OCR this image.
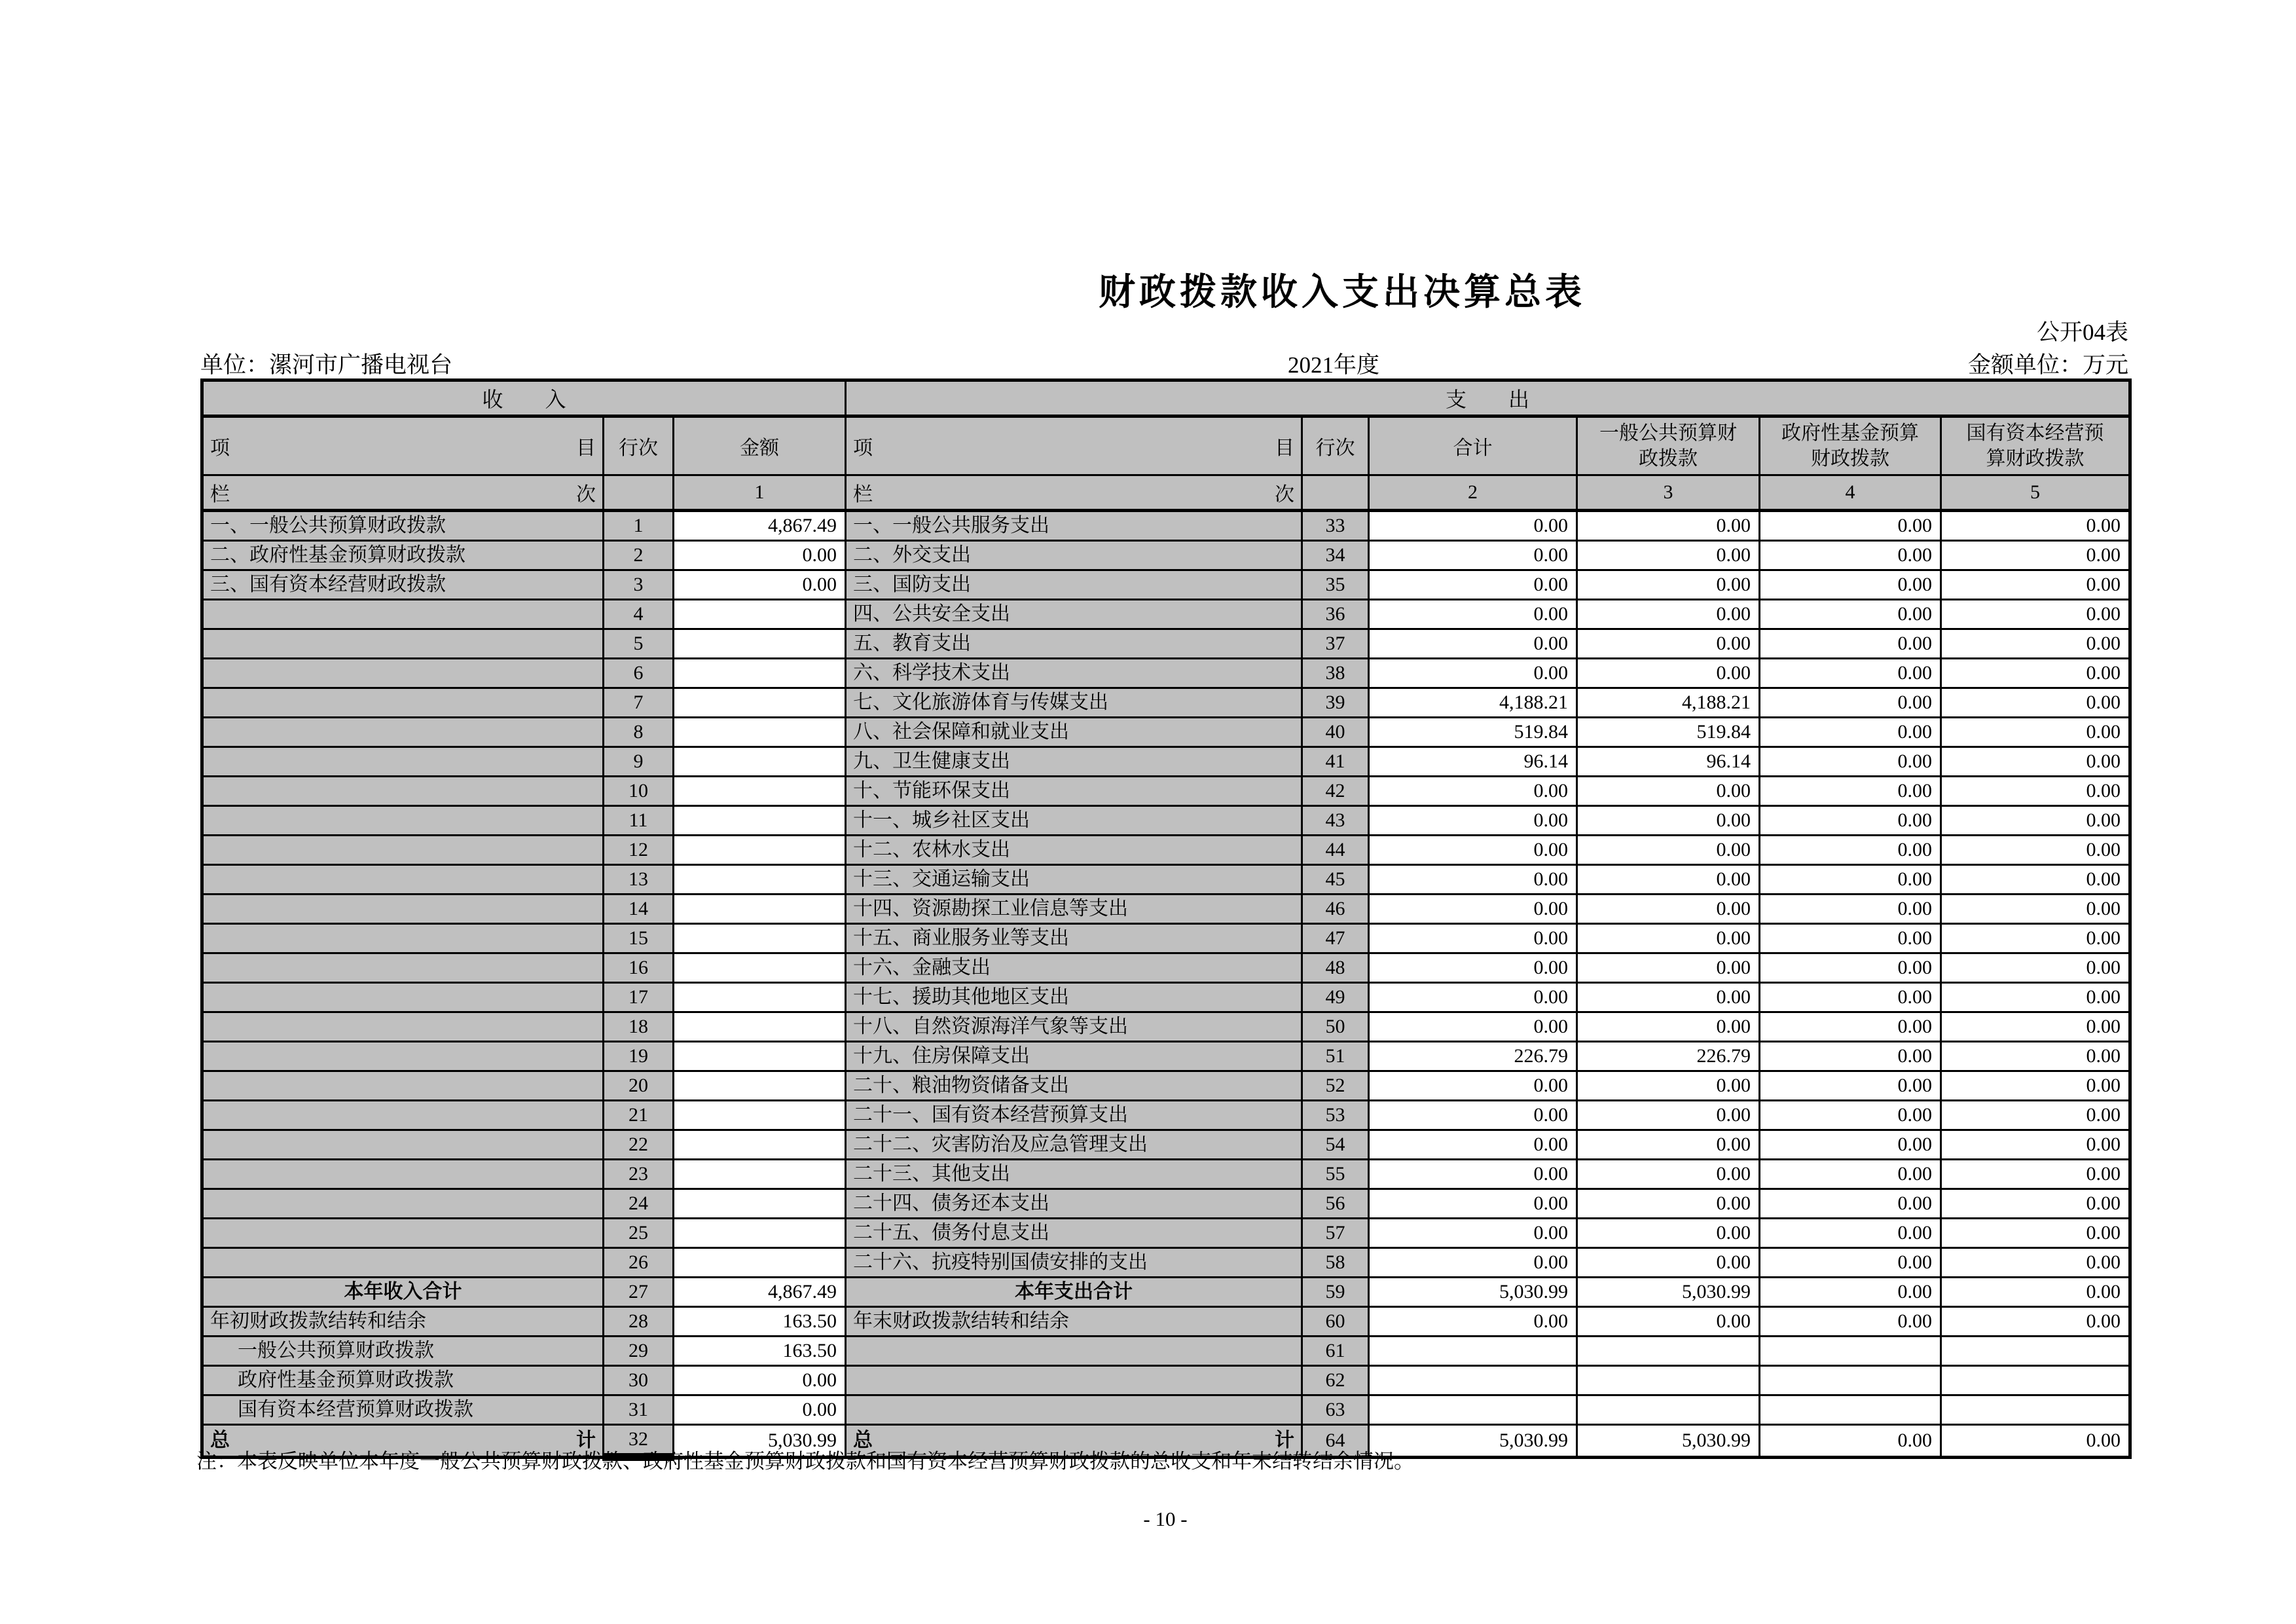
财政拨款收入支出决算总表
公开04表
单位：漯河市广播电视台	2021年度	金额单位：万元
收　　入			支　　出					
项目	行次	金额	项目	行次	合计	一般公共预算财政拨款	政府性基金预算财政拨款	国有资本经营预算财政拨款
栏次		1	栏次		2	3	4	5
一、一般公共预算财政拨款	1	4,867.49	一、一般公共服务支出	33	0.00	0.00	0.00	0.00
二、政府性基金预算财政拨款	2	0.00	二、外交支出	34	0.00	0.00	0.00	0.00
三、国有资本经营财政拨款	3	0.00	三、国防支出	35	0.00	0.00	0.00	0.00
	4		四、公共安全支出	36	0.00	0.00	0.00	0.00
	5		五、教育支出	37	0.00	0.00	0.00	0.00
	6		六、科学技术支出	38	0.00	0.00	0.00	0.00
	7		七、文化旅游体育与传媒支出	39	4,188.21	4,188.21	0.00	0.00
	8		八、社会保障和就业支出	40	519.84	519.84	0.00	0.00
	9		九、卫生健康支出	41	96.14	96.14	0.00	0.00
	10		十、节能环保支出	42	0.00	0.00	0.00	0.00
	11		十一、城乡社区支出	43	0.00	0.00	0.00	0.00
	12		十二、农林水支出	44	0.00	0.00	0.00	0.00
	13		十三、交通运输支出	45	0.00	0.00	0.00	0.00
	14		十四、资源勘探工业信息等支出	46	0.00	0.00	0.00	0.00
	15		十五、商业服务业等支出	47	0.00	0.00	0.00	0.00
	16		十六、金融支出	48	0.00	0.00	0.00	0.00
	17		十七、援助其他地区支出	49	0.00	0.00	0.00	0.00
	18		十八、自然资源海洋气象等支出	50	0.00	0.00	0.00	0.00
	19		十九、住房保障支出	51	226.79	226.79	0.00	0.00
	20		二十、粮油物资储备支出	52	0.00	0.00	0.00	0.00
	21		二十一、国有资本经营预算支出	53	0.00	0.00	0.00	0.00
	22		二十二、灾害防治及应急管理支出	54	0.00	0.00	0.00	0.00
	23		二十三、其他支出	55	0.00	0.00	0.00	0.00
	24		二十四、债务还本支出	56	0.00	0.00	0.00	0.00
	25		二十五、债务付息支出	57	0.00	0.00	0.00	0.00
	26		二十六、抗疫特别国债安排的支出	58	0.00	0.00	0.00	0.00
本年收入合计	27	4,867.49	本年支出合计	59	5,030.99	5,030.99	0.00	0.00
年初财政拨款结转和结余	28	163.50	年末财政拨款结转和结余	60	0.00	0.00	0.00	0.00
一般公共预算财政拨款	29	163.50		61				
政府性基金预算财政拨款	30	0.00		62				
国有资本经营预算财政拨款	31	0.00		63				
总计	32	5,030.99	总计	64	5,030.99	5,030.99	0.00	0.00
注：本表反映单位本年度一般公共预算财政拨款、政府性基金预算财政拨款和国有资本经营预算财政拨款的总收支和年末结转结余情况。
- 10 -
